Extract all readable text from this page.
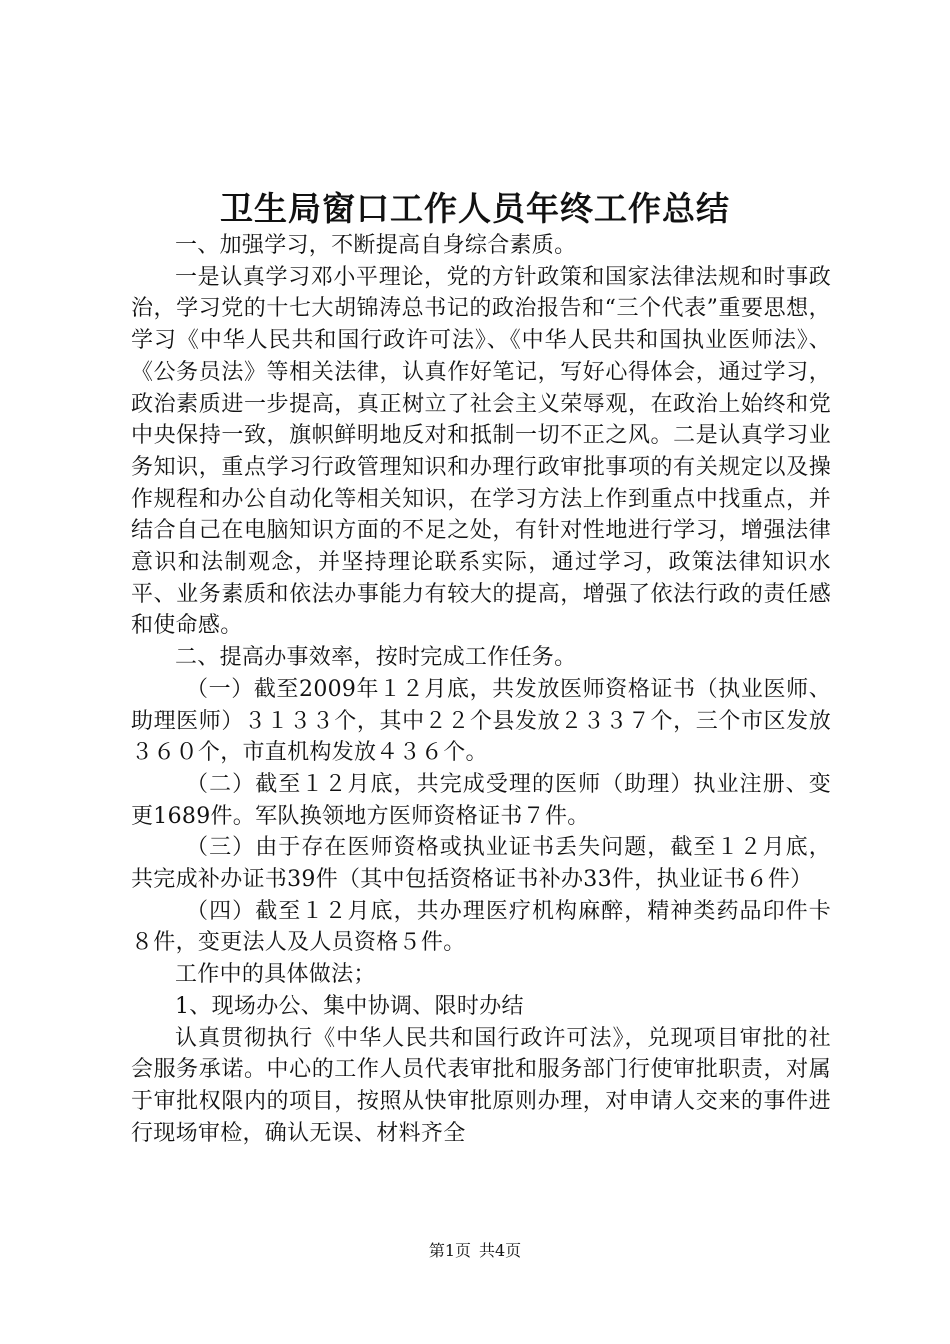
卫生局窗口工作人员年终工作总结

一、加强学习，不断提高自身综合素质。

一是认真学习邓小平理论，党的方针政策和国家法律法规和时事政治，学习党的十七大胡锦涛总书记的政治报告和“三个代表”重要思想，学习《中华人民共和国行政许可法》、《中华人民共和国执业医师法》、《公务员法》等相关法律，认真作好笔记，写好心得体会，通过学习，政治素质进一步提高，真正树立了社会主义荣辱观，在政治上始终和党中央保持一致，旗帜鲜明地反对和抵制一切不正之风。二是认真学习业务知识，重点学习行政管理知识和办理行政审批事项的有关规定以及操作规程和办公自动化等相关知识，在学习方法上作到重点中找重点，并结合自己在电脑知识方面的不足之处，有针对性地进行学习，增强法律意识和法制观念，并坚持理论联系实际，通过学习，政策法律知识水平、业务素质和依法办事能力有较大的提高，增强了依法行政的责任感和使命感。

二、提高办事效率，按时完成工作任务。

（一）截至2009年１２月底，共发放医师资格证书（执业医师、助理医师）３１３３个，其中２２个县发放２３３７个，三个市区发放３６０个，市直机构发放４３６个。

（二）截至１２月底，共完成受理的医师（助理）执业注册、变更1689件。军队换领地方医师资格证书７件。

（三）由于存在医师资格或执业证书丢失问题，截至１２月底，共完成补办证书39件（其中包括资格证书补办33件，执业证书６件）

（四）截至１２月底，共办理医疗机构麻醉，精神类药品印件卡８件，变更法人及人员资格５件。

工作中的具体做法；

1、现场办公、集中协调、限时办结

认真贯彻执行《中华人民共和国行政许可法》，兑现项目审批的社会服务承诺。中心的工作人员代表审批和服务部门行使审批职责，对属于审批权限内的项目，按照从快审批原则办理，对申请人交来的事件进行现场审检，确认无误、材料齐全

第1页 共4页
